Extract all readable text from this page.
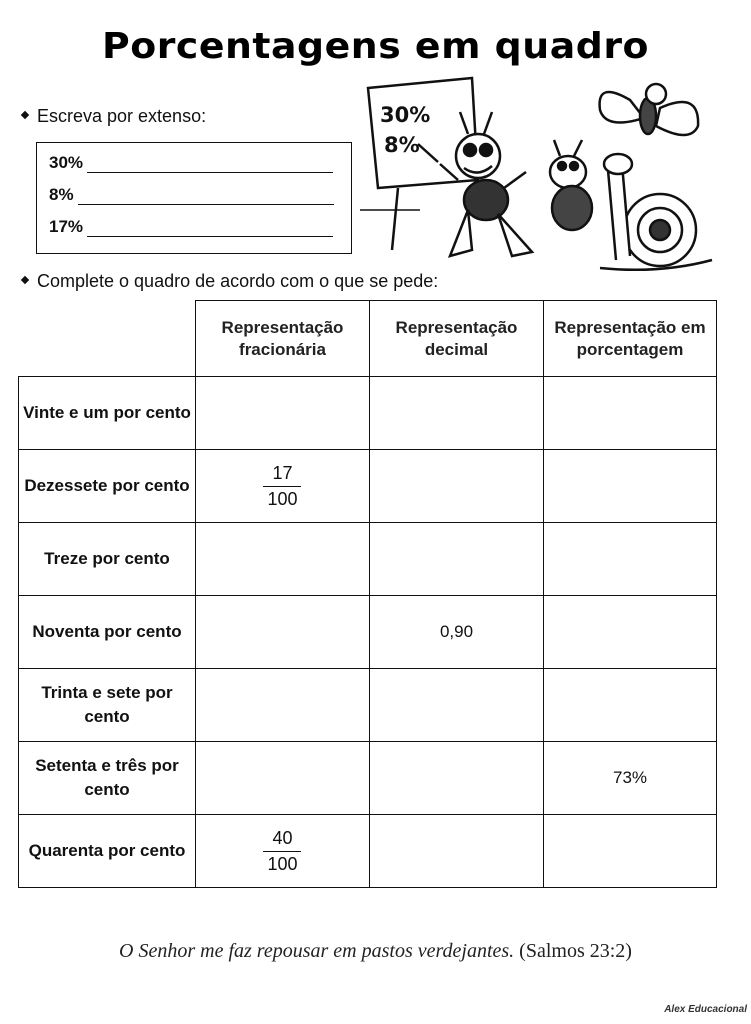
Porcentagens em quadro
Escreva por extenso:
30%
8%
17%
30%
8%
Complete o quadro de acordo com o que se pede:
	Representação fracionária	Representação decimal	Representação em porcentagem
Vinte e um por cento			
Dezessete por cento	$\frac{17}{100}$

Treze por cento			
Noventa por cento		0,90	
Trinta e sete por cento			
Setenta e três por cento			73%
Quarenta por cento	$\frac{40}{100}$

O Senhor me faz repousar em pastos verdejantes. (Salmos 23:2)
Alex Educacional
